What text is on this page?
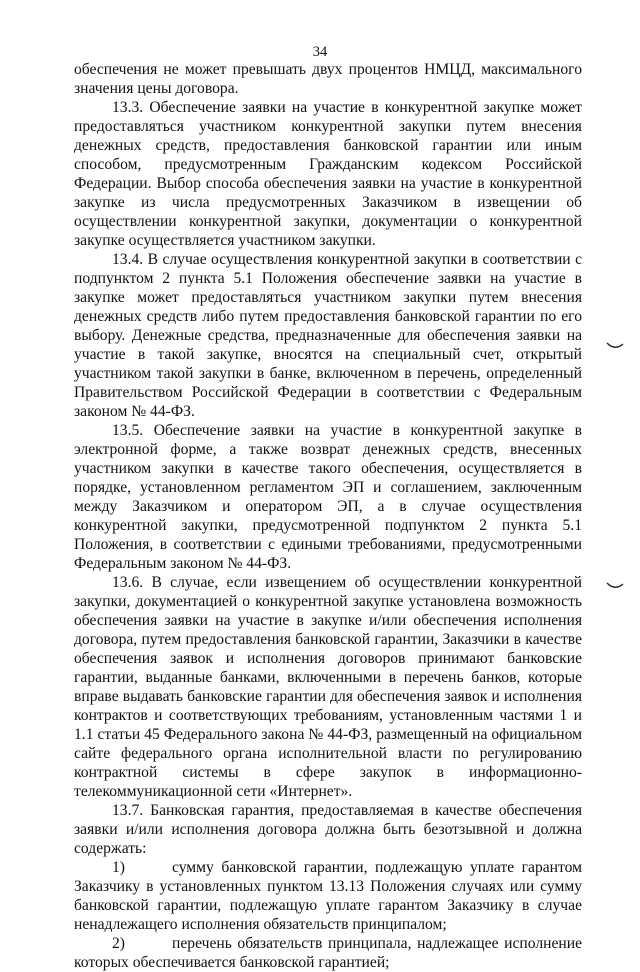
34

обеспечения не может превышать двух процентов НМЦД, максимального значения цены договора.

13.3. Обеспечение заявки на участие в конкурентной закупке может предоставляться участником конкурентной закупки путем внесения денежных средств, предоставления банковской гарантии или иным способом, предусмотренным Гражданским кодексом Российской Федерации. Выбор способа обеспечения заявки на участие в конкурентной закупке из числа предусмотренных Заказчиком в извещении об осуществлении конкурентной закупки, документации о конкурентной закупке осуществляется участником закупки.

13.4. В случае осуществления конкурентной закупки в соответствии с подпунктом 2 пункта 5.1 Положения обеспечение заявки на участие в закупке может предоставляться участником закупки путем внесения денежных средств либо путем предоставления банковской гарантии по его выбору. Денежные средства, предназначенные для обеспечения заявки на участие в такой закупке, вносятся на специальный счет, открытый участником такой закупки в банке, включенном в перечень, определенный Правительством Российской Федерации в соответствии с Федеральным законом № 44-ФЗ.

13.5. Обеспечение заявки на участие в конкурентной закупке в электронной форме, а также возврат денежных средств, внесенных участником закупки в качестве такого обеспечения, осуществляется в порядке, установленном регламентом ЭП и соглашением, заключенным между Заказчиком и оператором ЭП, а в случае осуществления конкурентной закупки, предусмотренной подпунктом 2 пункта 5.1 Положения, в соответствии с едиными требованиями, предусмотренными Федеральным законом № 44-ФЗ.

13.6. В случае, если извещением об осуществлении конкурентной закупки, документацией о конкурентной закупке установлена возможность обеспечения заявки на участие в закупке и/или обеспечения исполнения договора, путем предоставления банковской гарантии, Заказчики в качестве обеспечения заявок и исполнения договоров принимают банковские гарантии, выданные банками, включенными в перечень банков, которые вправе выдавать банковские гарантии для обеспечения заявок и исполнения контрактов и соответствующих требованиям, установленным частями 1 и 1.1 статьи 45 Федерального закона № 44-ФЗ, размещенный на официальном сайте федерального органа исполнительной власти по регулированию контрактной системы в сфере закупок в информационно-телекоммуникационной сети «Интернет».

13.7. Банковская гарантия, предоставляемая в качестве обеспечения заявки и/или исполнения договора должна быть безотзывной и должна содержать:

1)	сумму банковской гарантии, подлежащую уплате гарантом Заказчику в установленных пунктом 13.13 Положения случаях или сумму банковской гарантии, подлежащую уплате гарантом Заказчику в случае ненадлежащего исполнения обязательств принципалом;

2)	перечень обязательств принципала, надлежащее исполнение которых обеспечивается банковской гарантией;
